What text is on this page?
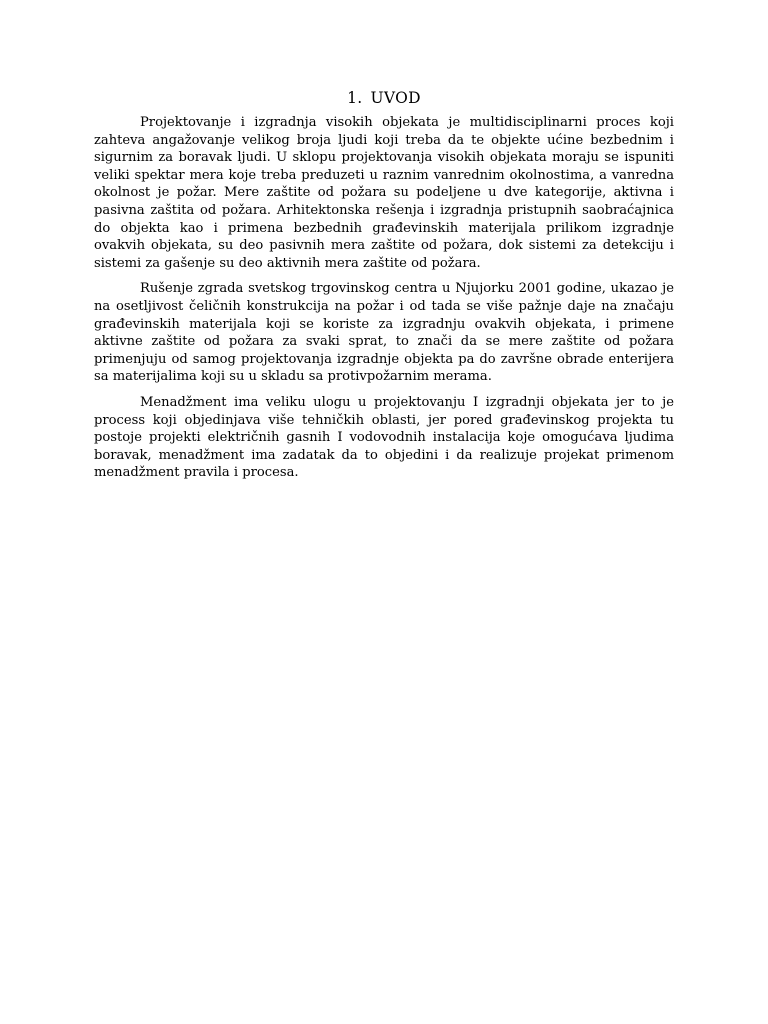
1. UVOD

Projektovanje i izgradnja visokih objekata je multidisciplinarni proces koji zahteva angažovanje velikog broja ljudi koji treba da te objekte ućine bezbednim i sigurnim za boravak ljudi. U sklopu projektovanja visokih objekata moraju se ispuniti veliki spektar mera koje treba preduzeti u raznim vanrednim okolnostima, a vanredna okolnost je požar. Mere zaštite od požara su podeljene u dve kategorije, aktivna i pasivna zaštita od požara. Arhitektonska rešenja i izgradnja pristupnih saobraćajnica do objekta kao i primena bezbednih građevinskih materijala prilikom izgradnje ovakvih objekata, su deo pasivnih mera zaštite od požara, dok sistemi za detekciju i sistemi za gašenje su deo aktivnih mera zaštite od požara.

Rušenje zgrada svetskog trgovinskog centra u Njujorku 2001 godine, ukazao je na osetljivost čeličnih konstrukcija na požar i od tada se više pažnje daje na značaju građevinskih materijala koji se koriste za izgradnju ovakvih objekata, i primene aktivne zaštite od požara za svaki sprat, to znači da se mere zaštite od požara primenjuju od samog projektovanja izgradnje objekta pa do završne obrade enterijera sa materijalima koji su u skladu sa protivpožarnim merama.

Menadžment ima veliku ulogu u projektovanju I izgradnji objekata jer to je process koji objedinjava više tehničkih oblasti, jer pored građevinskog projekta tu postoje projekti električnih gasnih I vodovodnih instalacija koje omogućava ljudima boravak, menadžment ima zadatak da to objedini i da realizuje projekat primenom menadžment pravila i procesa.
